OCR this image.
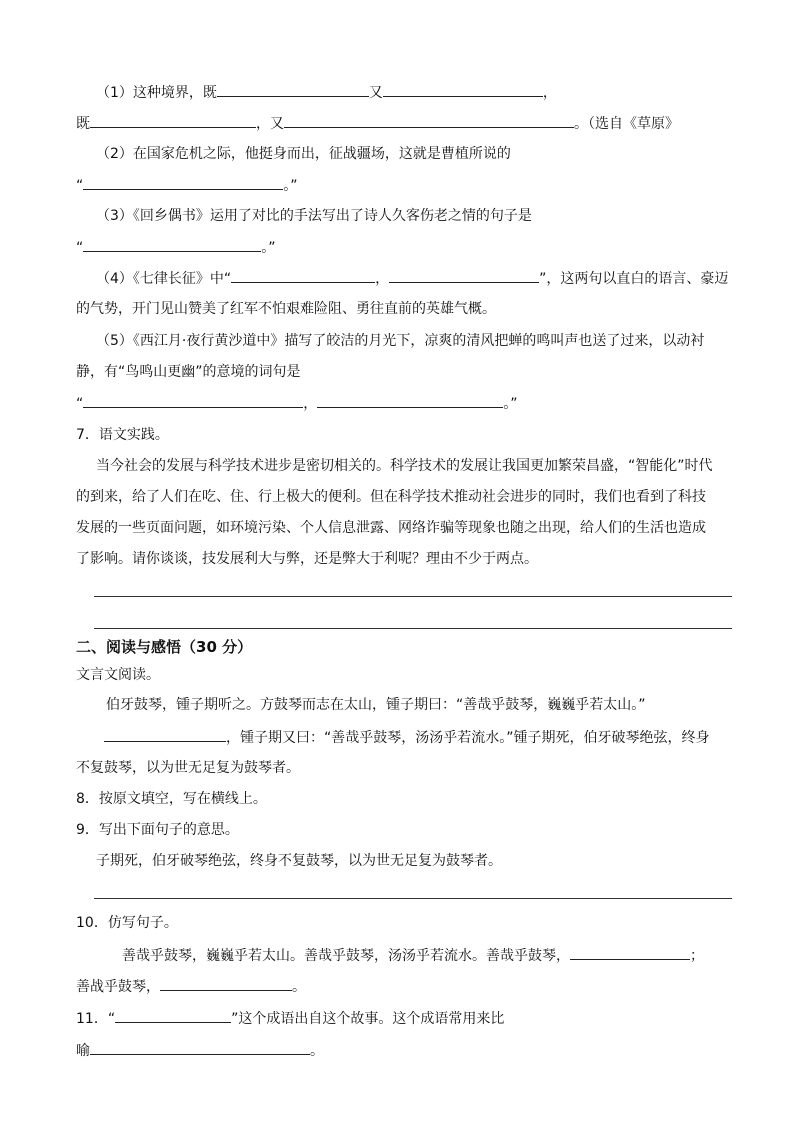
（1）这种境界，既	又	，
既	，又	。（选自《草原》
（2）在国家危机之际，他挺身而出，征战疆场，这就是曹植所说的
“	。”
（3）《回乡偶书》运用了对比的手法写出了诗人久客伤老之情的句子是
“	。”
（4）《七律长征》中“	，	”，这两句以直白的语言、豪迈
的气势，开门见山赞美了红军不怕艰难险阻、勇往直前的英雄气概。
（5）《西江月·夜行黄沙道中》描写了皎洁的月光下，凉爽的清风把蝉的鸣叫声也送了过来，以动衬
静，有“鸟鸣山更幽”的意境的词句是
“	，	。”
7．语文实践。
当今社会的发展与科学技术进步是密切相关的。科学技术的发展让我国更加繁荣昌盛，“智能化”时代
的到来，给了人们在吃、住、行上极大的便利。但在科学技术推动社会进步的同时，我们也看到了科技
发展的一些页面问题，如环境污染、个人信息泄露、网络诈骗等现象也随之出现，给人们的生活也造成
了影响。请你谈谈，技发展利大与弊，还是弊大于利呢？理由不少于两点。
二、阅读与感悟（30 分）
文言文阅读。
伯牙鼓琴，锺子期听之。方鼓琴而志在太山，锺子期曰：“善哉乎鼓琴，巍巍乎若太山。”
，锺子期又曰：“善哉乎鼓琴，汤汤乎若流水。”锺子期死，伯牙破琴绝弦，终身
不复鼓琴，以为世无足复为鼓琴者。
8．按原文填空，写在横线上。
9．写出下面句子的意思。
子期死，伯牙破琴绝弦，终身不复鼓琴，以为世无足复为鼓琴者。
10．仿写句子。
善哉乎鼓琴，巍巍乎若太山。善哉乎鼓琴，汤汤乎若流水。善哉乎鼓琴，	；
善战乎鼓琴，	。
11．“	”这个成语出自这个故事。这个成语常用来比
喻	。
